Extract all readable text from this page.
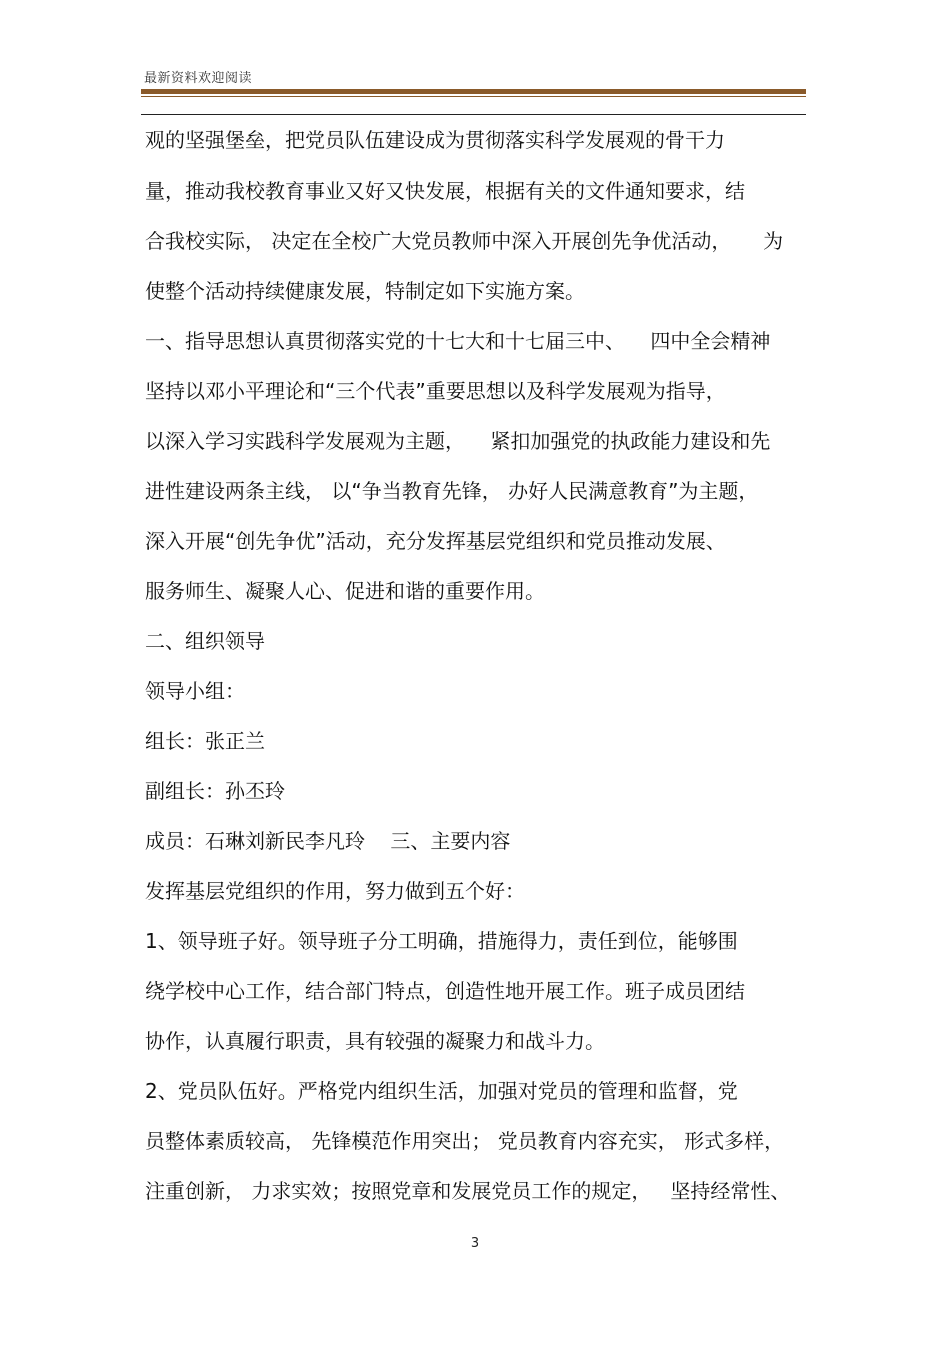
最新资料欢迎阅读
观的坚强堡垒，把党员队伍建设成为贯彻落实科学发展观的骨干力
量，推动我校教育事业又好又快发展，根据有关的文件通知要求，结
合我校实际， 决定在全校广大党员教师中深入开展创先争优活动，     为
使整个活动持续健康发展，特制定如下实施方案。
一、指导思想认真贯彻落实党的十七大和十七届三中、    四中全会精神
坚持以邓小平理论和“三个代表”重要思想以及科学发展观为指导，
以深入学习实践科学发展观为主题，    紧扣加强党的执政能力建设和先
进性建设两条主线， 以“争当教育先锋， 办好人民满意教育”为主题，
深入开展“创先争优”活动，充分发挥基层党组织和党员推动发展、
服务师生、凝聚人心、促进和谐的重要作用。
二、组织领导
领导小组：
组长：张正兰
副组长：孙丕玲
成员：石琳刘新民李凡玲    三、主要内容
发挥基层党组织的作用，努力做到五个好：
1、领导班子好。领导班子分工明确，措施得力，责任到位，能够围
绕学校中心工作，结合部门特点，创造性地开展工作。班子成员团结
协作，认真履行职责，具有较强的凝聚力和战斗力。
2、党员队伍好。严格党内组织生活，加强对党员的管理和监督，党
员整体素质较高， 先锋模范作用突出； 党员教育内容充实， 形式多样，
注重创新， 力求实效；按照党章和发展党员工作的规定，   坚持经常性、
3
